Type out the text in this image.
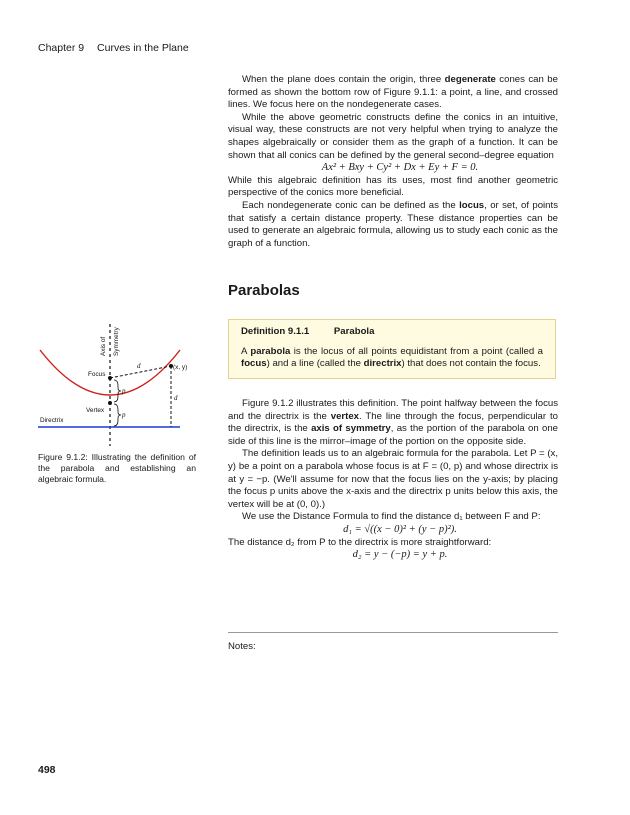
Chapter 9 Curves in the Plane

When the plane does contain the origin, three degenerate cones can be formed as shown the bottom row of Figure 9.1.1: a point, a line, and crossed lines. We focus here on the nondegenerate cases.

While the above geometric constructs define the conics in an intuitive, visual way, these constructs are not very helpful when trying to analyze the shapes algebraically or consider them as the graph of a function. It can be shown that all conics can be defined by the general second–degree equation

Ax² + Bxy + Cy² + Dx + Ey + F = 0.

While this algebraic definition has its uses, most find another geometric perspective of the conics more beneficial.

Each nondegenerate conic can be defined as the locus, or set, of points that satisfy a certain distance property. These distance properties can be used to generate an algebraic formula, allowing us to study each conic as the graph of a function.

Parabolas
Definition 9.1.1	Parabola
A parabola is the locus of all points equidistant from a point (called a focus) and a line (called the directrix) that does not contain the focus.

Figure 9.1.2 illustrates this definition. The point halfway between the focus and the directrix is the vertex. The line through the focus, perpendicular to the directrix, is the axis of symmetry, as the portion of the parabola on one side of this line is the mirror–image of the portion on the opposite side.

The definition leads us to an algebraic formula for the parabola. Let P = (x, y) be a point on a parabola whose focus is at F = (0, p) and whose directrix is at y = −p. (We'll assume for now that the focus lies on the y-axis; by placing the focus p units above the x-axis and the directrix p units below this axis, the vertex will be at (0, 0).)

We use the Distance Formula to find the distance d₁ between F and P:

d₁ = √((x − 0)² + (y − p)²).

The distance d₂ from P to the directrix is more straightforward:

d₂ = y − (−p) = y + p.

Notes:
Axis of Symmetry
Focus
Vertex
Directrix
(x, y)
d
d
p
p
Figure 9.1.2: Illustrating the definition of the parabola and establishing an algebraic formula.
498
